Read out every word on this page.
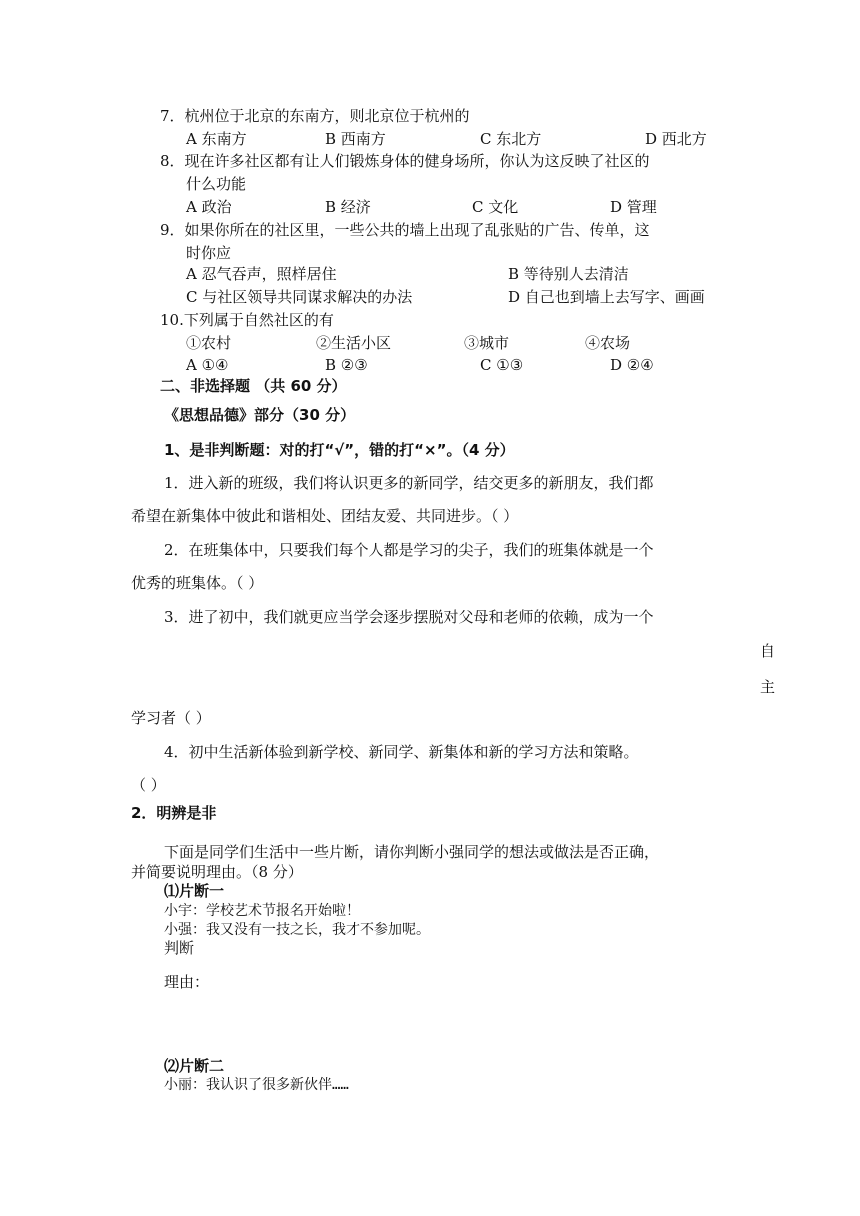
7．杭州位于北京的东南方，则北京位于杭州的
A 东南方	B 西南方	C 东北方	D 西北方
8．现在许多社区都有让人们锻炼身体的健身场所，你认为这反映了社区的
什么功能
A 政治	B 经济	C 文化	D 管理
9．如果你所在的社区里，一些公共的墙上出现了乱张贴的广告、传单，这
时你应
A 忍气吞声，照样居住	B 等待别人去清洁
C 与社区领导共同谋求解决的办法	D 自己也到墙上去写字、画画
10.下列属于自然社区的有
①农村	②生活小区	③城市	④农场
A ①④	B ②③	C ①③	D ②④
二、非选择题 （共 60 分）
《思想品德》部分（30 分）
1、是非判断题：对的打“√”，错的打“×”。（4 分）
1．进入新的班级，我们将认识更多的新同学，结交更多的新朋友，我们都
希望在新集体中彼此和谐相处、团结友爱、共同进步。（ ）
2．在班集体中，只要我们每个人都是学习的尖子，我们的班集体就是一个
优秀的班集体。（ ）
3．进了初中，我们就更应当学会逐步摆脱对父母和老师的依赖，成为一个
自
主
学习者（ ）
4．初中生活新体验到新学校、新同学、新集体和新的学习方法和策略。
（ ）
2．明辨是非
下面是同学们生活中一些片断，请你判断小强同学的想法或做法是否正确，
并简要说明理由。（8 分）
⑴片断一
小宇：学校艺术节报名开始啦！
小强：我又没有一技之长，我才不参加呢。
判断
理由：
⑵片断二
小丽：我认识了很多新伙伴……
